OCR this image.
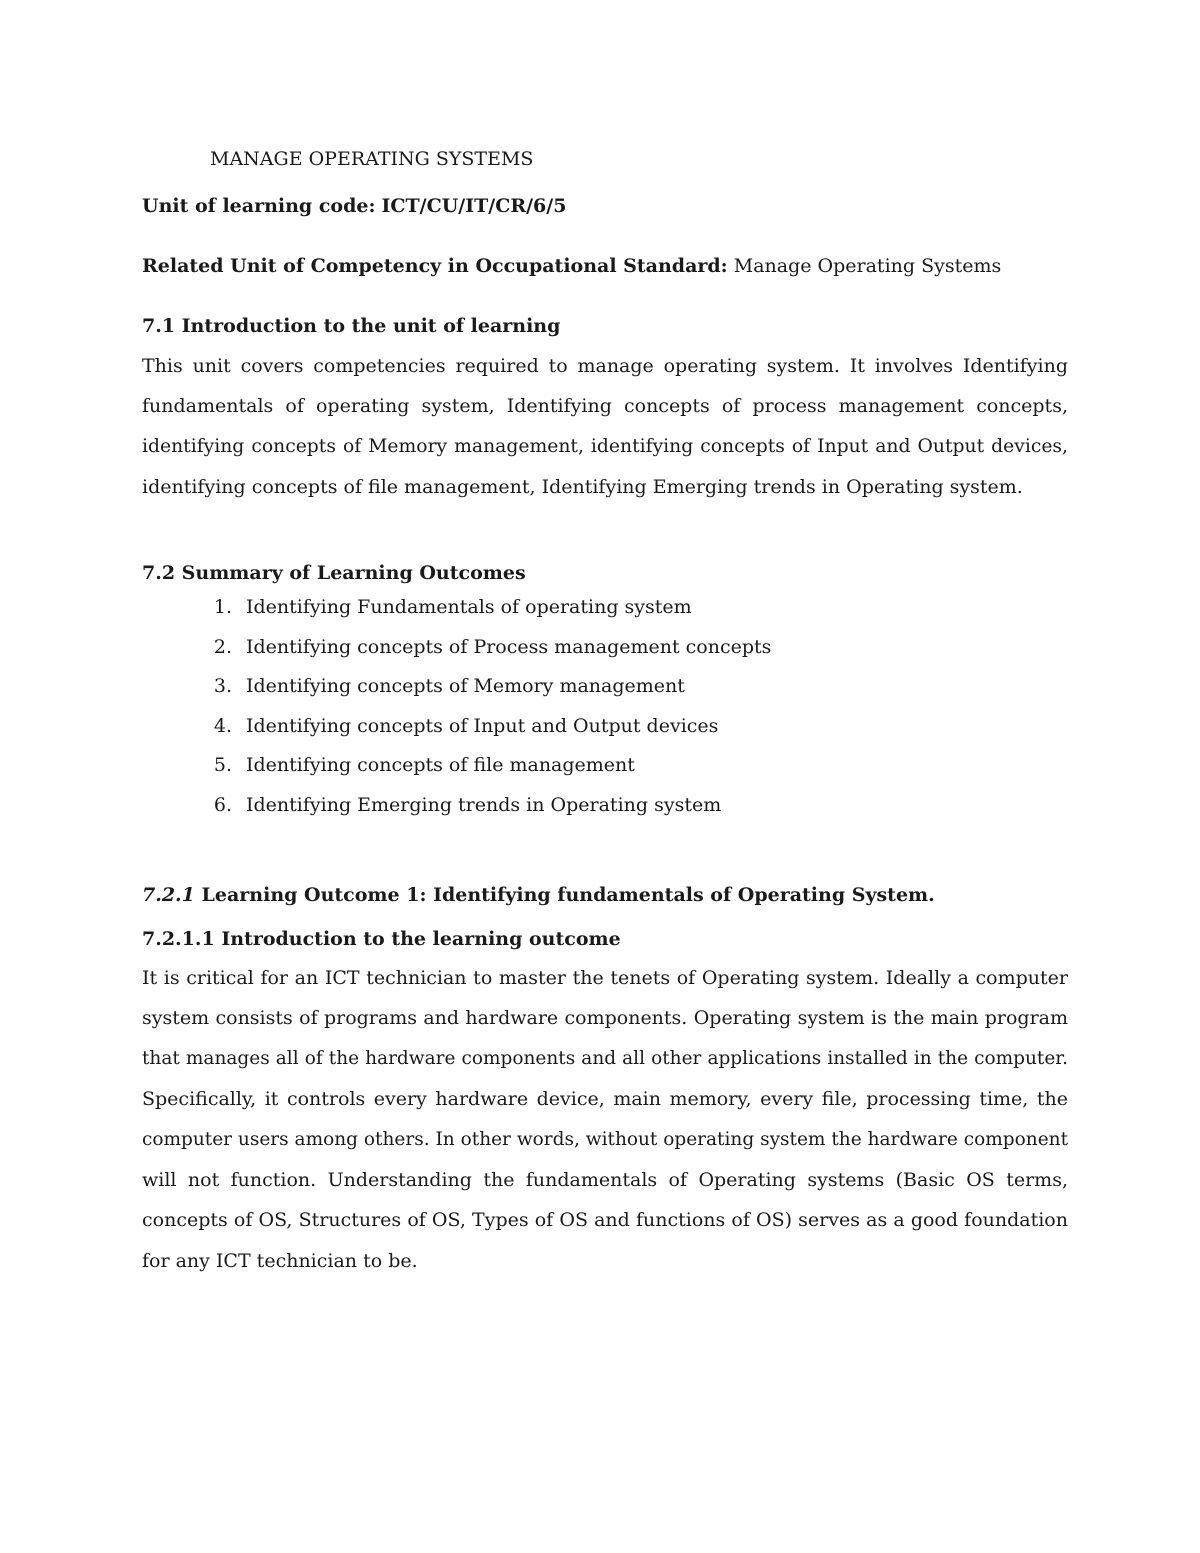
MANAGE OPERATING SYSTEMS
Unit of learning code: ICT/CU/IT/CR/6/5
Related Unit of Competency in Occupational Standard: Manage Operating Systems
7.1 Introduction to the unit of learning
This unit covers competencies required to manage operating system. It involves Identifying
fundamentals of operating system, Identifying concepts of process management concepts,
identifying concepts of Memory management, identifying concepts of Input and Output devices,
identifying concepts of file management, Identifying Emerging trends in Operating system.
7.2 Summary of Learning Outcomes
1. Identifying Fundamentals of operating system
2. Identifying concepts of Process management concepts
3. Identifying concepts of Memory management
4. Identifying concepts of Input and Output devices
5. Identifying concepts of file management
6. Identifying Emerging trends in Operating system
7.2.1 Learning Outcome 1: Identifying fundamentals of Operating System.
7.2.1.1 Introduction to the learning outcome
It is critical for an ICT technician to master the tenets of Operating system. Ideally a computer
system consists of programs and hardware components. Operating system is the main program
that manages all of the hardware components and all other applications installed in the computer.
Specifically, it controls every hardware device, main memory, every file, processing time, the
computer users among others. In other words, without operating system the hardware component
will not function. Understanding the fundamentals of Operating systems (Basic OS terms,
concepts of OS, Structures of OS, Types of OS and functions of OS) serves as a good foundation
for any ICT technician to be.
